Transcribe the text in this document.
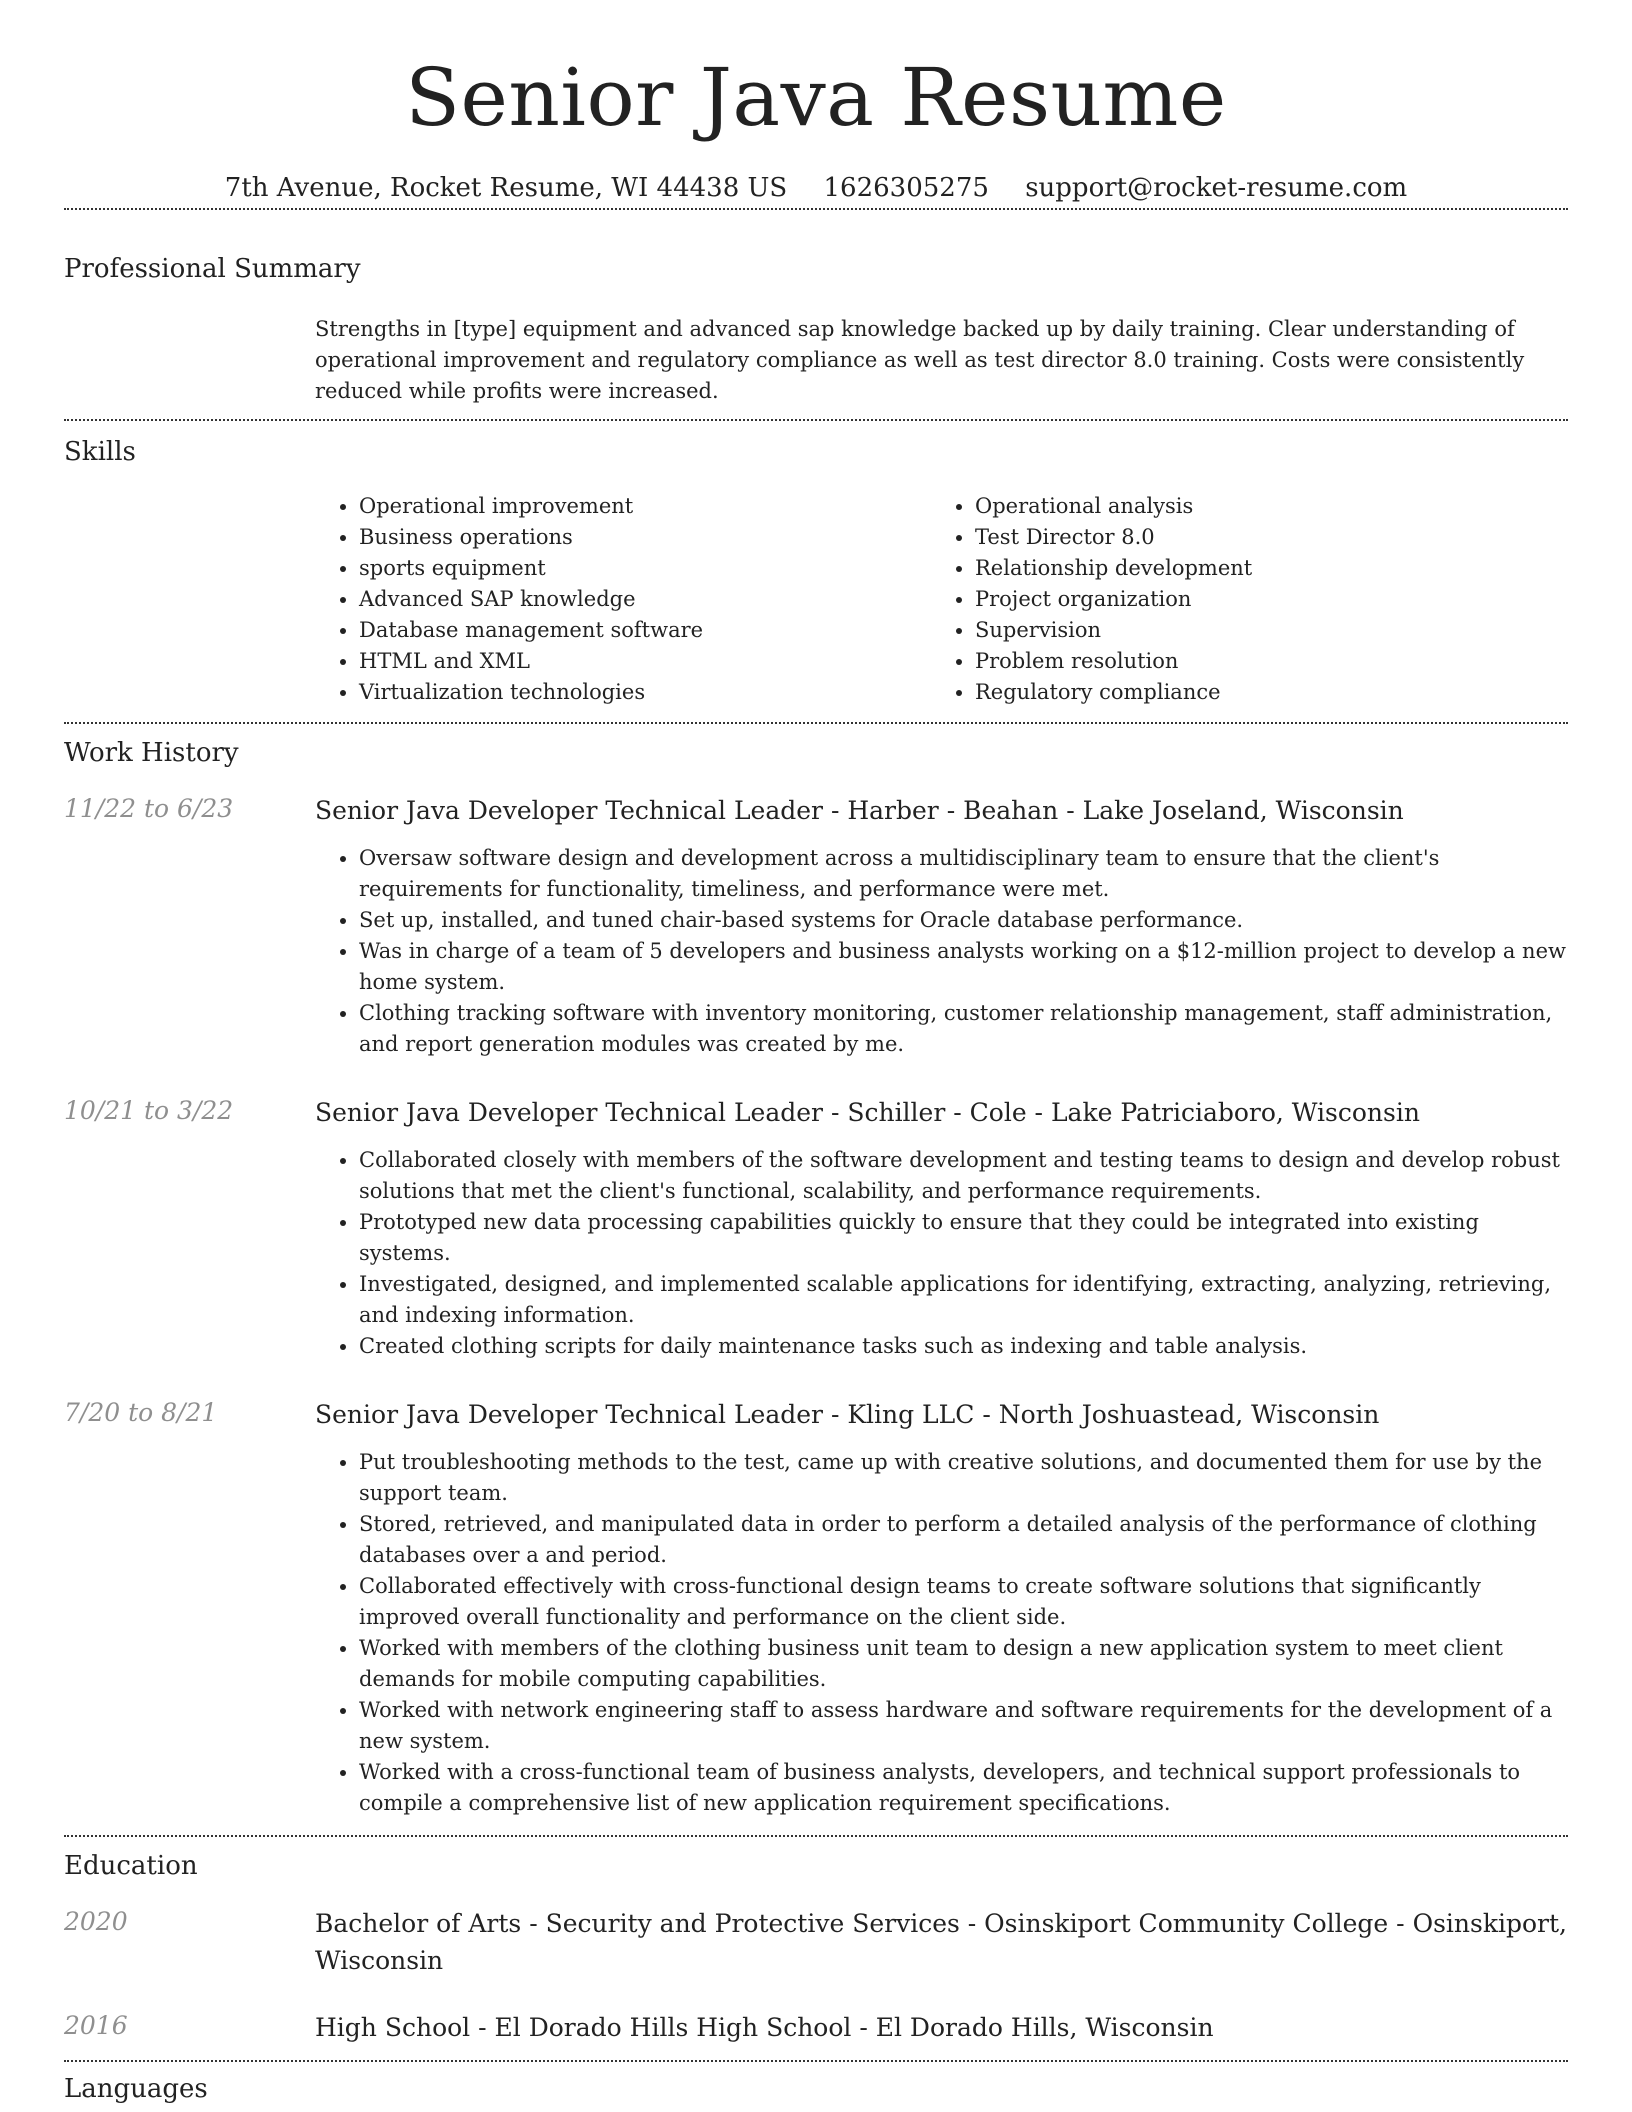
Senior Java Resume
7th Avenue, Rocket Resume, WI 44438 US 1626305275 support@rocket-resume.com
Professional Summary

Strengths in [type] equipment and advanced sap knowledge backed up by daily training. Clear understanding of operational improvement and regulatory compliance as well as test director 8.0 training. Costs were consistently reduced while profits were increased.

Skills
• Operational improvement
• Business operations
• sports equipment
• Advanced SAP knowledge
• Database management software
• HTML and XML
• Virtualization technologies
• Operational analysis
• Test Director 8.0
• Relationship development
• Project organization
• Supervision
• Problem resolution
• Regulatory compliance
Work History
11/22 to 6/23	Senior Java Developer Technical Leader - Harber - Beahan - Lake Joseland, Wisconsin
• Oversaw software design and development across a multidisciplinary team to ensure that the client's requirements for functionality, timeliness, and performance were met.
• Set up, installed, and tuned chair-based systems for Oracle database performance.
• Was in charge of a team of 5 developers and business analysts working on a $12-million project to develop a new home system.
• Clothing tracking software with inventory monitoring, customer relationship management, staff administration, and report generation modules was created by me.
10/21 to 3/22	Senior Java Developer Technical Leader - Schiller - Cole - Lake Patriciaboro, Wisconsin
• Collaborated closely with members of the software development and testing teams to design and develop robust solutions that met the client's functional, scalability, and performance requirements.
• Prototyped new data processing capabilities quickly to ensure that they could be integrated into existing systems.
• Investigated, designed, and implemented scalable applications for identifying, extracting, analyzing, retrieving, and indexing information.
• Created clothing scripts for daily maintenance tasks such as indexing and table analysis.
7/20 to 8/21	Senior Java Developer Technical Leader - Kling LLC - North Joshuastead, Wisconsin
• Put troubleshooting methods to the test, came up with creative solutions, and documented them for use by the support team.
• Stored, retrieved, and manipulated data in order to perform a detailed analysis of the performance of clothing databases over a and period.
• Collaborated effectively with cross-functional design teams to create software solutions that significantly improved overall functionality and performance on the client side.
• Worked with members of the clothing business unit team to design a new application system to meet client demands for mobile computing capabilities.
• Worked with network engineering staff to assess hardware and software requirements for the development of a new system.
• Worked with a cross-functional team of business analysts, developers, and technical support professionals to compile a comprehensive list of new application requirement specifications.
Education
2020	Bachelor of Arts - Security and Protective Services - Osinskiport Community College - Osinskiport, Wisconsin
2016	High School - El Dorado Hills High School - El Dorado Hills, Wisconsin
Languages
